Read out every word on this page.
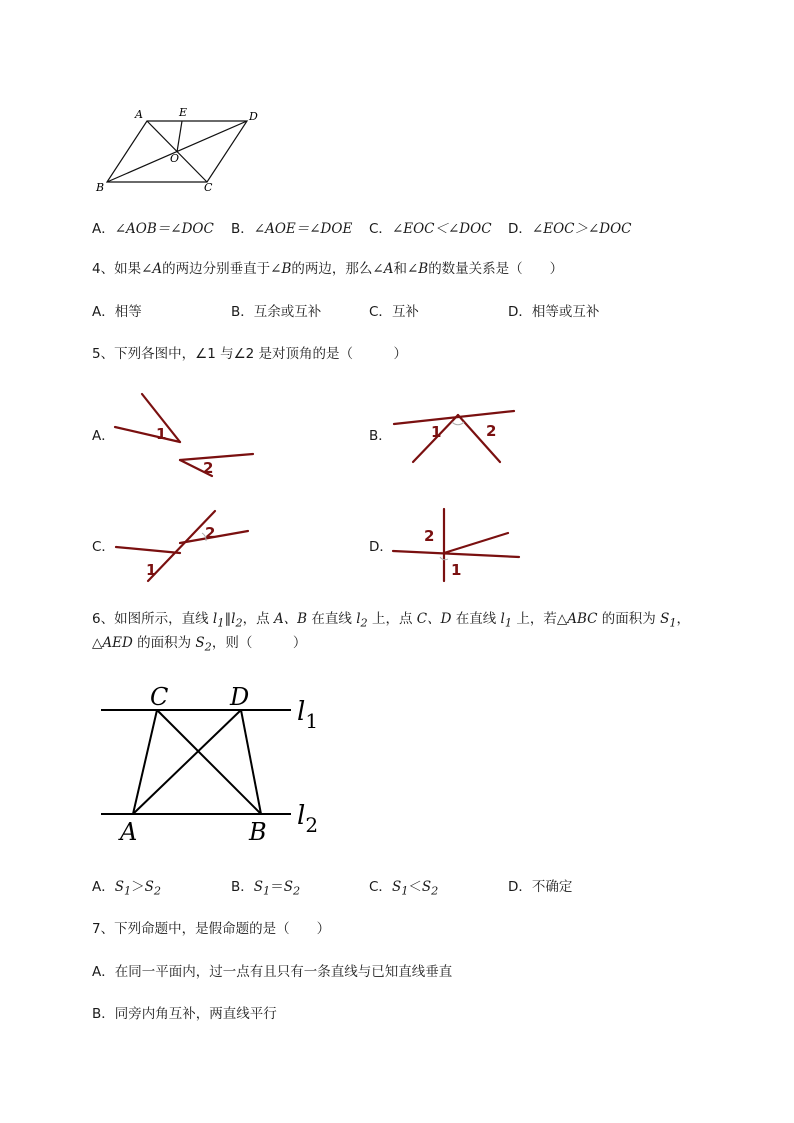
A	E	D
O
B	C
A．∠AOB＝∠DOC B．∠AOE＝∠DOE C．∠EOC＜∠DOC D．∠EOC＞∠DOC
4、如果∠A的两边分别垂直于∠B的两边，那么∠A和∠B的数量关系是（　　）
A．相等	B．互余或互补	C．互补	D．相等或互补
5、下列各图中，∠1 与∠2 是对顶角的是（　　　）
A．	1
2
B．	1	2
C．
1
2
D．
2
1
6、如图所示，直线 $l_1\parallel l_2$，点 A、B 在直线 $l_2$ 上，点 C、D 在直线 $l_1$ 上，若△ABC 的面积为 $S_1$，
△AED 的面积为 $S_2$，则（　　　）
C	D
A	B
$l_1$
$l_2$
A．$S_1>S_2$	B．$S_1=S_2$	C．$S_1<S_2$	D．不确定
7、下列命题中，是假命题的是（　　）
A．在同一平面内，过一点有且只有一条直线与已知直线垂直
B．同旁内角互补，两直线平行
